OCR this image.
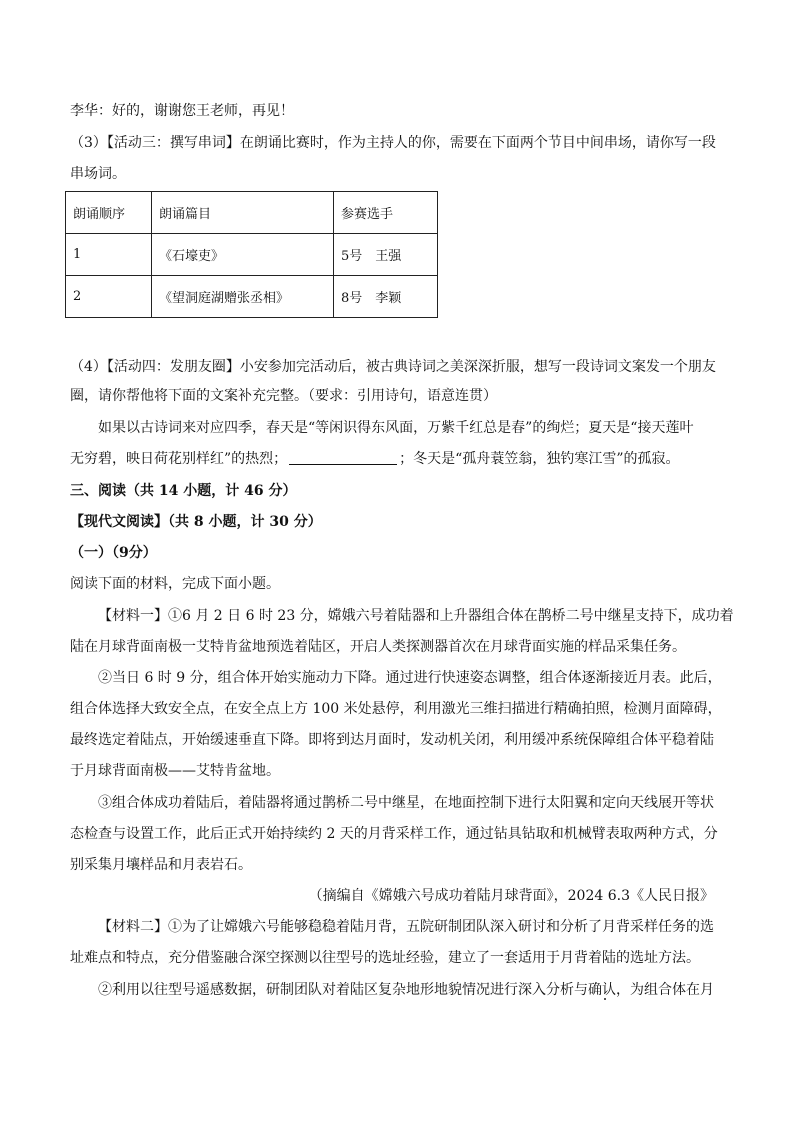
李华：好的，谢谢您王老师，再见！
（3）【活动三：撰写串词】在朗诵比赛时，作为主持人的你，需要在下面两个节目中间串场，请你写一段
串场词。
朗诵顺序	朗诵篇目	参赛选手
1	《石壕吏》	5号　王强
2	《望洞庭湖赠张丞相》	8号　李颖
（4）【活动四：发朋友圈】小安参加完活动后，被古典诗词之美深深折服，想写一段诗词文案发一个朋友
圈，请你帮他将下面的文案补充完整。（要求：引用诗句，语意连贯）
如果以古诗词来对应四季，春天是“等闲识得东风面，万紫千红总是春”的绚烂；夏天是“接天莲叶
无穷碧，映日荷花别样红”的热烈；	；冬天是“孤舟蓑笠翁，独钓寒江雪”的孤寂。
三、阅读（共 14 小题，计 46 分）
【现代文阅读】（共 8 小题，计 30 分）
（一）（9分）
阅读下面的材料，完成下面小题。
【材料一】①6 月 2 日 6 时 23 分，嫦娥六号着陆器和上升器组合体在鹊桥二号中继星支持下，成功着
陆在月球背面南极一艾特肯盆地预选着陆区，开启人类探测器首次在月球背面实施的样品采集任务。
②当日 6 时 9 分，组合体开始实施动力下降。通过进行快速姿态调整，组合体逐渐接近月表。此后，
组合体选择大致安全点，在安全点上方 100 米处悬停，利用激光三维扫描进行精确拍照，检测月面障碍，
最终选定着陆点，开始缓速垂直下降。即将到达月面时，发动机关闭，利用缓冲系统保障组合体平稳着陆
于月球背面南极——艾特肯盆地。
③组合体成功着陆后，着陆器将通过鹊桥二号中继星，在地面控制下进行太阳翼和定向天线展开等状
态检查与设置工作，此后正式开始持续约 2 天的月背采样工作，通过钻具钻取和机械臂表取两种方式，分
别采集月壤样品和月表岩石。
（摘编自《嫦娥六号成功着陆月球背面》，2024 6.3《人民日报》
【材料二】①为了让嫦娥六号能够稳稳着陆月背，五院研制团队深入研讨和分析了月背采样任务的选
址难点和特点，充分借鉴融合深空探测以往型号的选址经验，建立了一套适用于月背着陆的选址方法。
②利用以往型号遥感数据，研制团队对着陆区复杂地形地貌情况进行深入分析与确认，为组合体在月
